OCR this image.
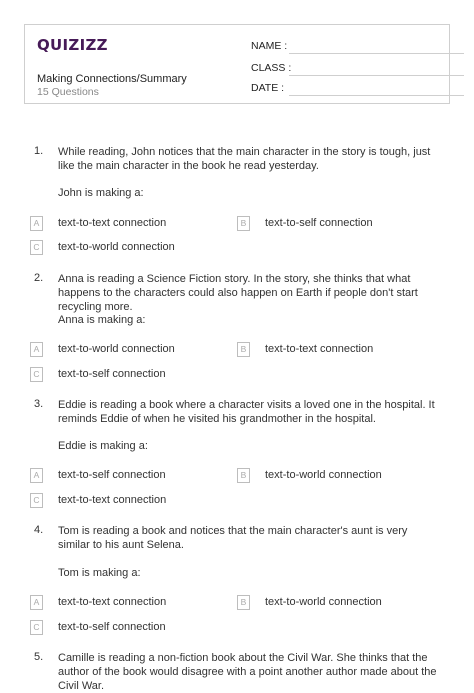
QUIZIZZ
Making Connections/Summary
15 Questions
NAME :
CLASS :
DATE :
1. While reading, John notices that the main character in the story is tough, just like the main character in the book he read yesterday.
John is making a:
A	text-to-text connection	B	text-to-self connection
C	text-to-world connection
2. Anna is reading a Science Fiction story. In the story, she thinks that what happens to the characters could also happen on Earth if people don't start recycling more.
Anna is making a:
A	text-to-world connection	B	text-to-text connection
C	text-to-self connection
3. Eddie is reading a book where a character visits a loved one in the hospital. It reminds Eddie of when he visited his grandmother in the hospital.
Eddie is making a:
A	text-to-self connection	B	text-to-world connection
C	text-to-text connection
4. Tom is reading a book and notices that the main character's aunt is very similar to his aunt Selena.
Tom is making a:
A	text-to-text connection	B	text-to-world connection
C	text-to-self connection
5. Camille is reading a non-fiction book about the Civil War. She thinks that the author of the book would disagree with a point another author made about the Civil War.
